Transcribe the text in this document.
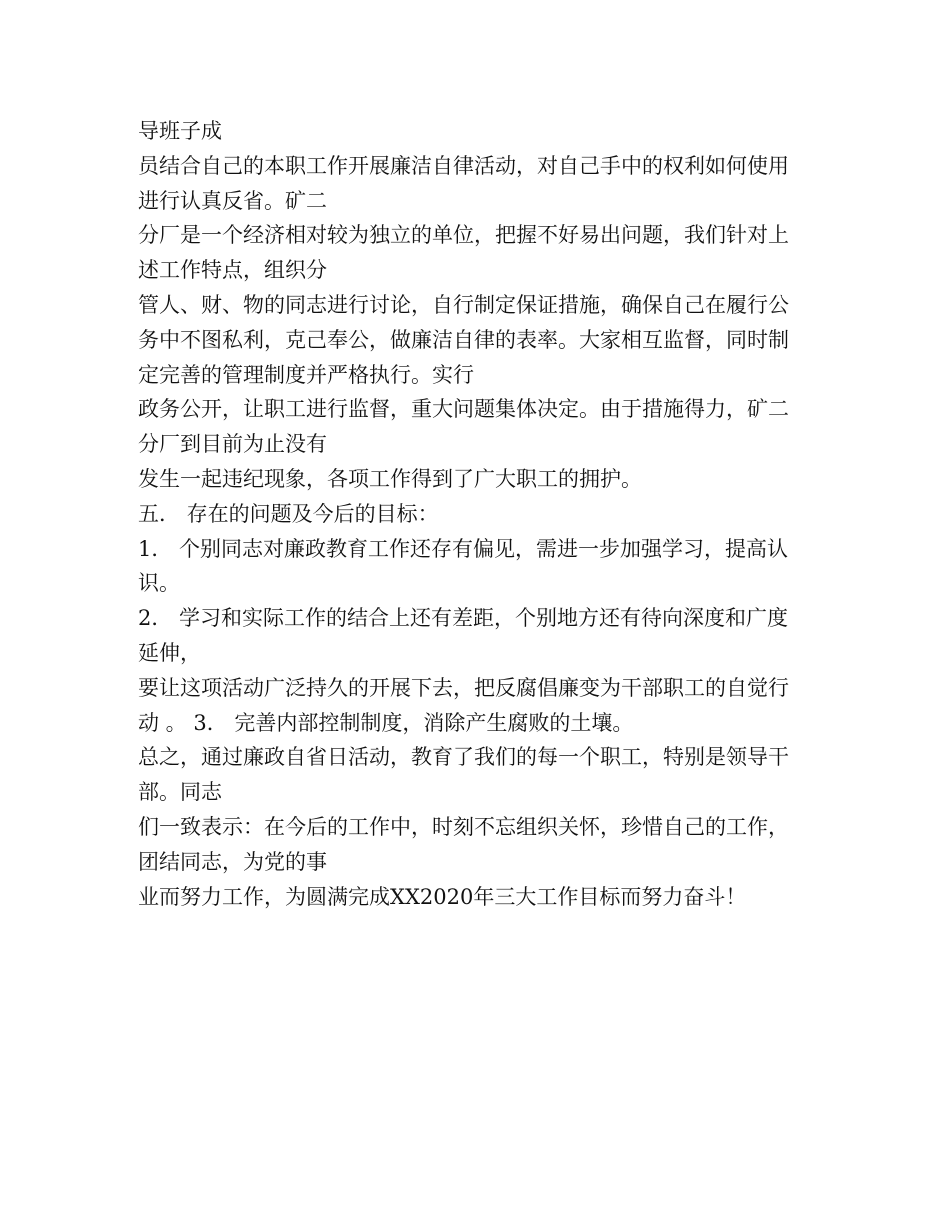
导班子成
员结合自己的本职工作开展廉洁自律活动，对自己手中的权利如何使用
进行认真反省。矿二
分厂是一个经济相对较为独立的单位，把握不好易出问题，我们针对上
述工作特点，组织分
管人、财、物的同志进行讨论，自行制定保证措施，确保自己在履行公
务中不图私利，克己奉公，做廉洁自律的表率。大家相互监督，同时制
定完善的管理制度并严格执行。实行
政务公开，让职工进行监督，重大问题集体决定。由于措施得力，矿二
分厂到目前为止没有
发生一起违纪现象，各项工作得到了广大职工的拥护。
五． 存在的问题及今后的目标：
1． 个别同志对廉政教育工作还存有偏见，需进一步加强学习，提高认
识。
2． 学习和实际工作的结合上还有差距，个别地方还有待向深度和广度
延伸，
要让这项活动广泛持久的开展下去，把反腐倡廉变为干部职工的自觉行
动 。 3． 完善内部控制制度，消除产生腐败的土壤。
总之，通过廉政自省日活动，教育了我们的每一个职工，特别是领导干
部。同志
们一致表示：在今后的工作中，时刻不忘组织关怀，珍惜自己的工作，
团结同志，为党的事
业而努力工作，为圆满完成XX2020年三大工作目标而努力奋斗！
